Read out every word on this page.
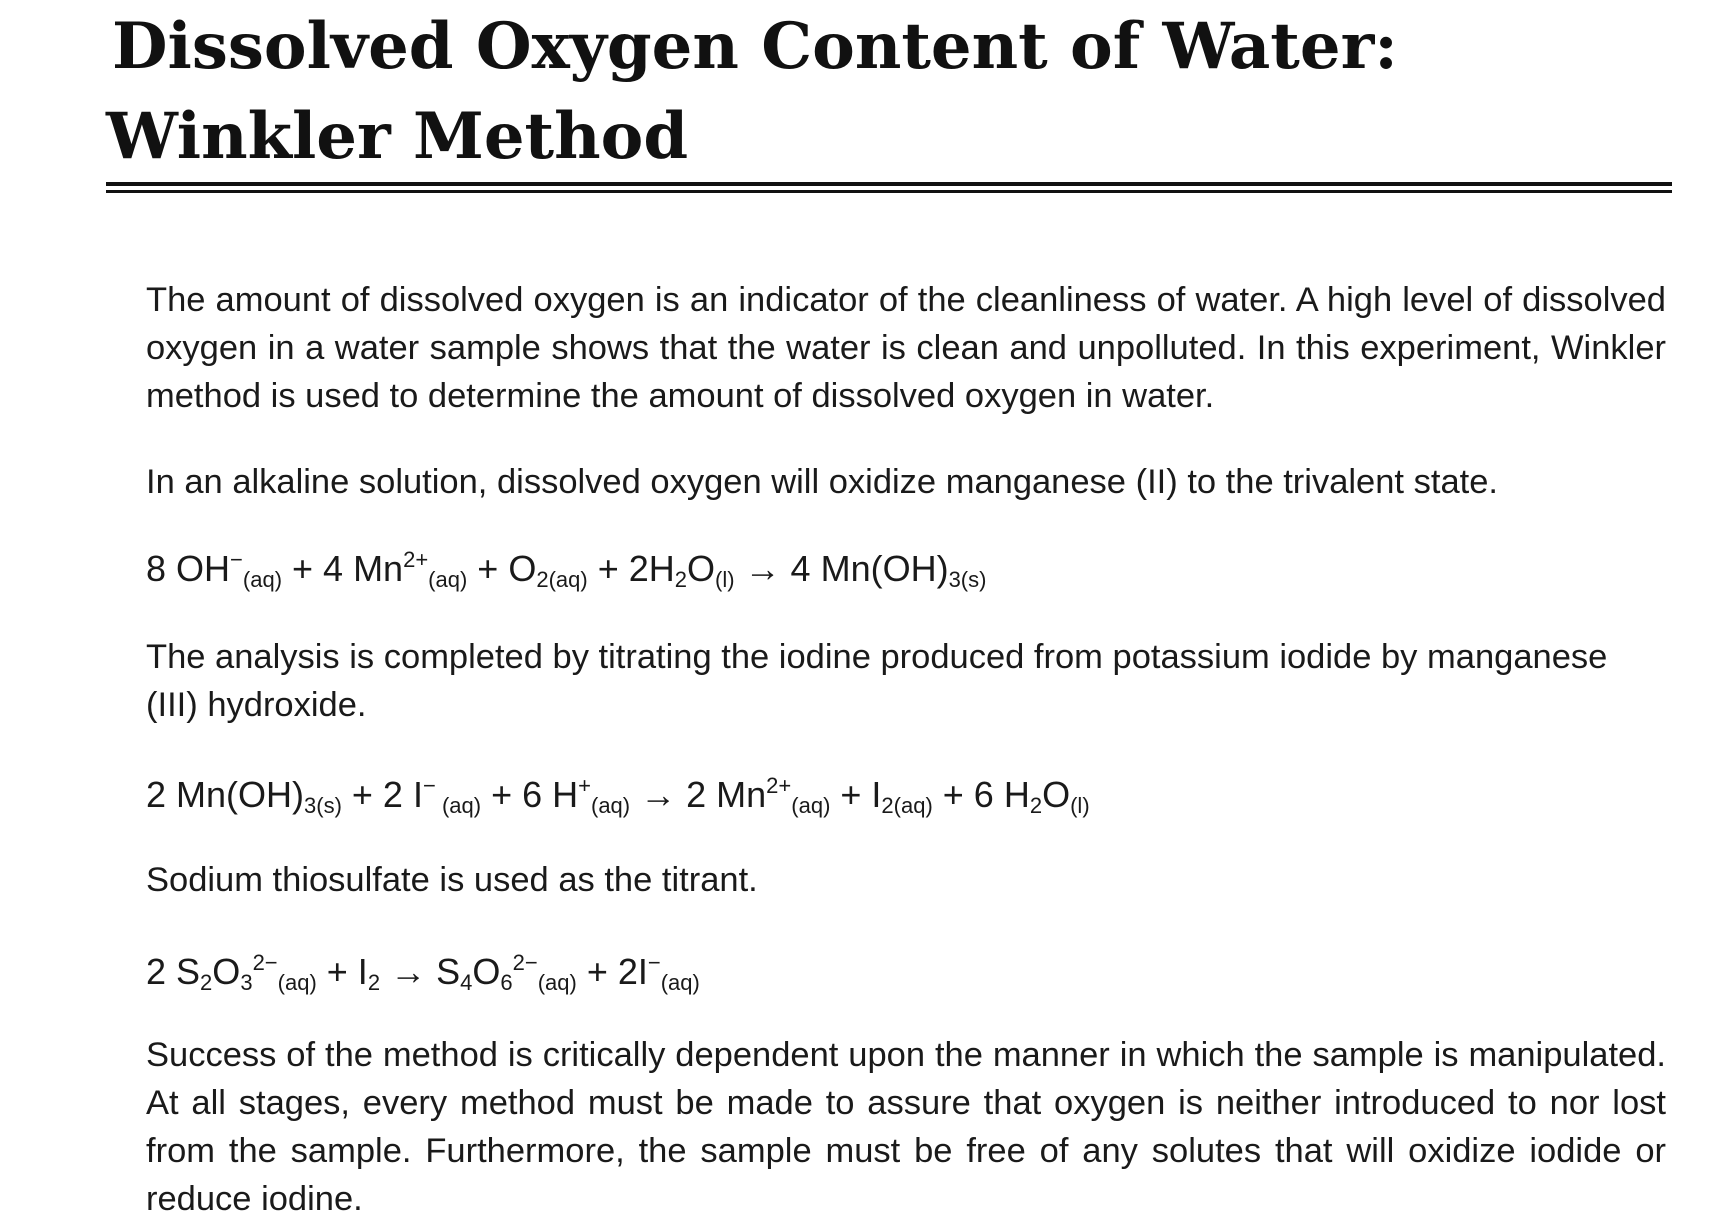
Dissolved Oxygen Content of Water:
Winkler Method

The amount of dissolved oxygen is an indicator of the cleanliness of water. A high level of dissolved oxygen in a water sample shows that the water is clean and unpolluted. In this experiment, Winkler method is used to determine the amount of dissolved oxygen in water.

In an alkaline solution, dissolved oxygen will oxidize manganese (II) to the trivalent state.

8 $OH^-_{(aq)} + 4$ $Mn^{2+}_{(aq)} + O_{2(aq)} + 2H_2O_{(l)} \to 4$ $Mn(OH)_{3(s)}$

The analysis is completed by titrating the iodine produced from potassium iodide by manganese (III) hydroxide.

2 $Mn(OH)_{3(s)} + 2$ I− $_{(aq)}$ + 6 $H^+_{(aq)} \to 2$ $Mn^{2+}_{(aq)} + I_{2(aq)} + 6$ $H_2O_{(l)}$

Sodium thiosulfate is used as the titrant.

2 $S_2O_3^{2-}_{(aq)} + I_2 \to S_4O_6^{2-}_{(aq)} + 2I^-_{(aq)}$

Success of the method is critically dependent upon the manner in which the sample is manipulated. At all stages, every method must be made to assure that oxygen is neither introduced to nor lost from the sample. Furthermore, the sample must be free of any solutes that will oxidize iodide or reduce iodine.
